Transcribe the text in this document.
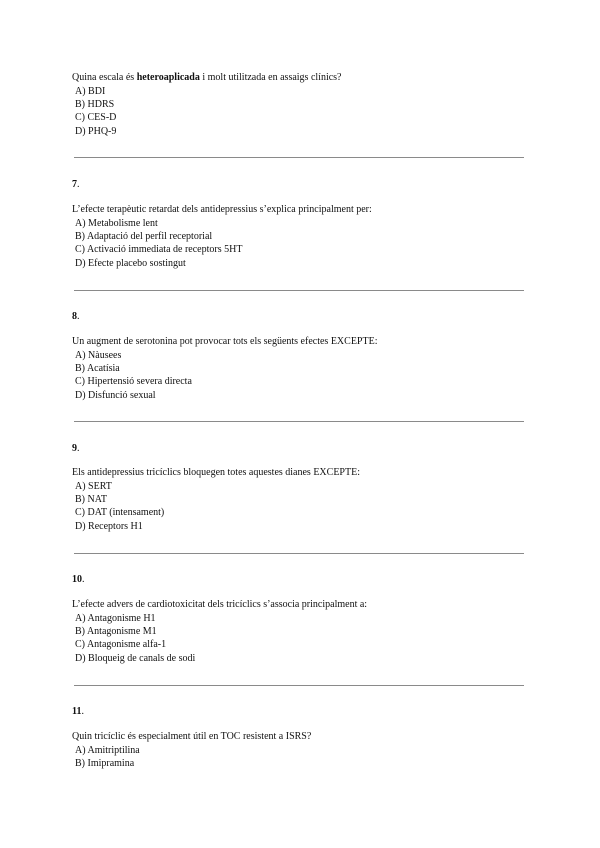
Quina escala és heteroaplicada i molt utilitzada en assaigs clínics?

A) BDI
B) HDRS
C) CES-D
D) PHQ-9

7.

L’efecte terapèutic retardat dels antidepressius s’explica principalment per:

A) Metabolisme lent
B) Adaptació del perfil receptorial
C) Activació immediata de receptors 5HT
D) Efecte placebo sostingut

8.

Un augment de serotonina pot provocar tots els següents efectes EXCEPTE:

A) Nàusees
B) Acatísia
C) Hipertensió severa directa
D) Disfunció sexual

9.

Els antidepressius tricíclics bloquegen totes aquestes dianes EXCEPTE:

A) SERT
B) NAT
C) DAT (intensament)
D) Receptors H1

10.

L’efecte advers de cardiotoxicitat dels tricíclics s’associa principalment a:

A) Antagonisme H1
B) Antagonisme M1
C) Antagonisme alfa-1
D) Bloqueig de canals de sodi

11.

Quin tricíclic és especialment útil en TOC resistent a ISRS?

A) Amitriptilina
B) Imipramina
